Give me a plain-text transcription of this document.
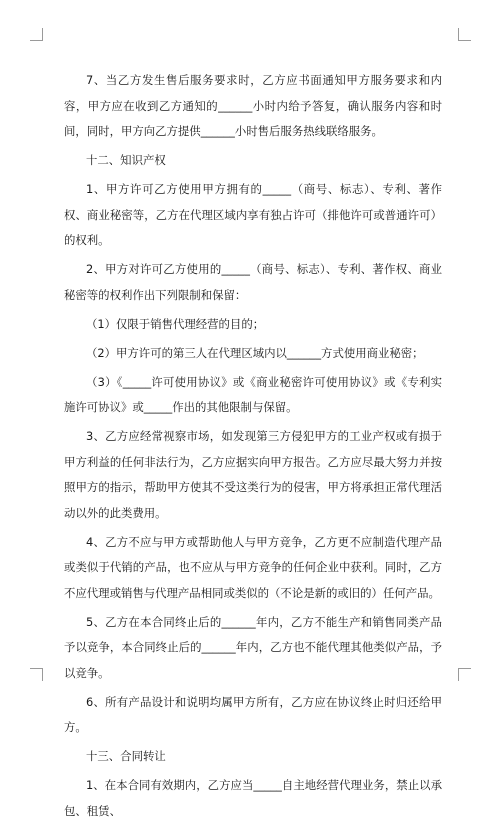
7、当乙方发生售后服务要求时，乙方应书面通知甲方服务要求和内容，甲方应在收到乙方通知的______小时内给予答复，确认服务内容和时间，同时，甲方向乙方提供______小时售后服务热线联络服务。

十二、知识产权

1、甲方许可乙方使用甲方拥有的_____（商号、标志）、专利、著作权、商业秘密等，乙方在代理区域内享有独占许可（排他许可或普通许可）的权利。

2、甲方对许可乙方使用的_____（商号、标志）、专利、著作权、商业秘密等的权利作出下列限制和保留：

（1）仅限于销售代理经营的目的；

（2）甲方许可的第三人在代理区域内以______方式使用商业秘密；

（3）《_____许可使用协议》或《商业秘密许可使用协议》或《专利实施许可协议》或_____作出的其他限制与保留。

3、乙方应经常视察市场，如发现第三方侵犯甲方的工业产权或有损于甲方利益的任何非法行为，乙方应据实向甲方报告。乙方应尽最大努力并按照甲方的指示，帮助甲方使其不受这类行为的侵害，甲方将承担正常代理活动以外的此类费用。

4、乙方不应与甲方或帮助他人与甲方竞争，乙方更不应制造代理产品或类似于代销的产品，也不应从与甲方竞争的任何企业中获利。同时，乙方不应代理或销售与代理产品相同或类似的（不论是新的或旧的）任何产品。

5、乙方在本合同终止后的______年内，乙方不能生产和销售同类产品予以竞争，本合同终止后的______年内，乙方也不能代理其他类似产品，予以竞争。

6、所有产品设计和说明均属甲方所有，乙方应在协议终止时归还给甲方。

十三、合同转让

1、在本合同有效期内，乙方应当_____自主地经营代理业务，禁止以承包、租赁、
